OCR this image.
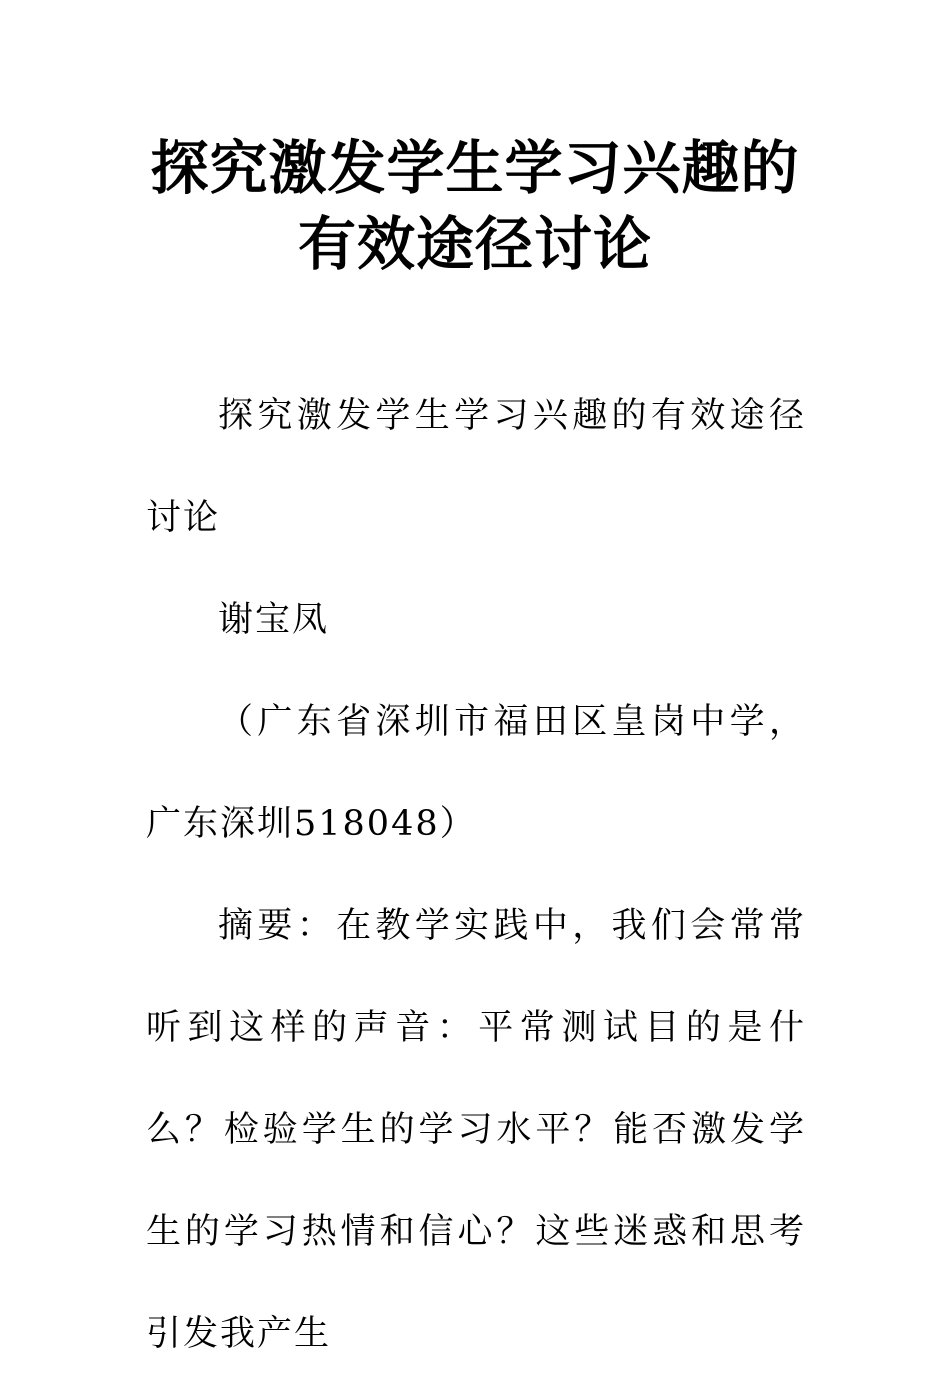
探究激发学生学习兴趣的
有效途径讨论

探究激发学生学习兴趣的有效途径讨论

谢宝凤

（广东省深圳市福田区皇岗中学，广东深圳518048）

摘要：在教学实践中，我们会常常听到这样的声音：平常测试目的是什么？检验学生的学习水平？能否激发学生的学习热情和信心？这些迷惑和思考引发我产生
